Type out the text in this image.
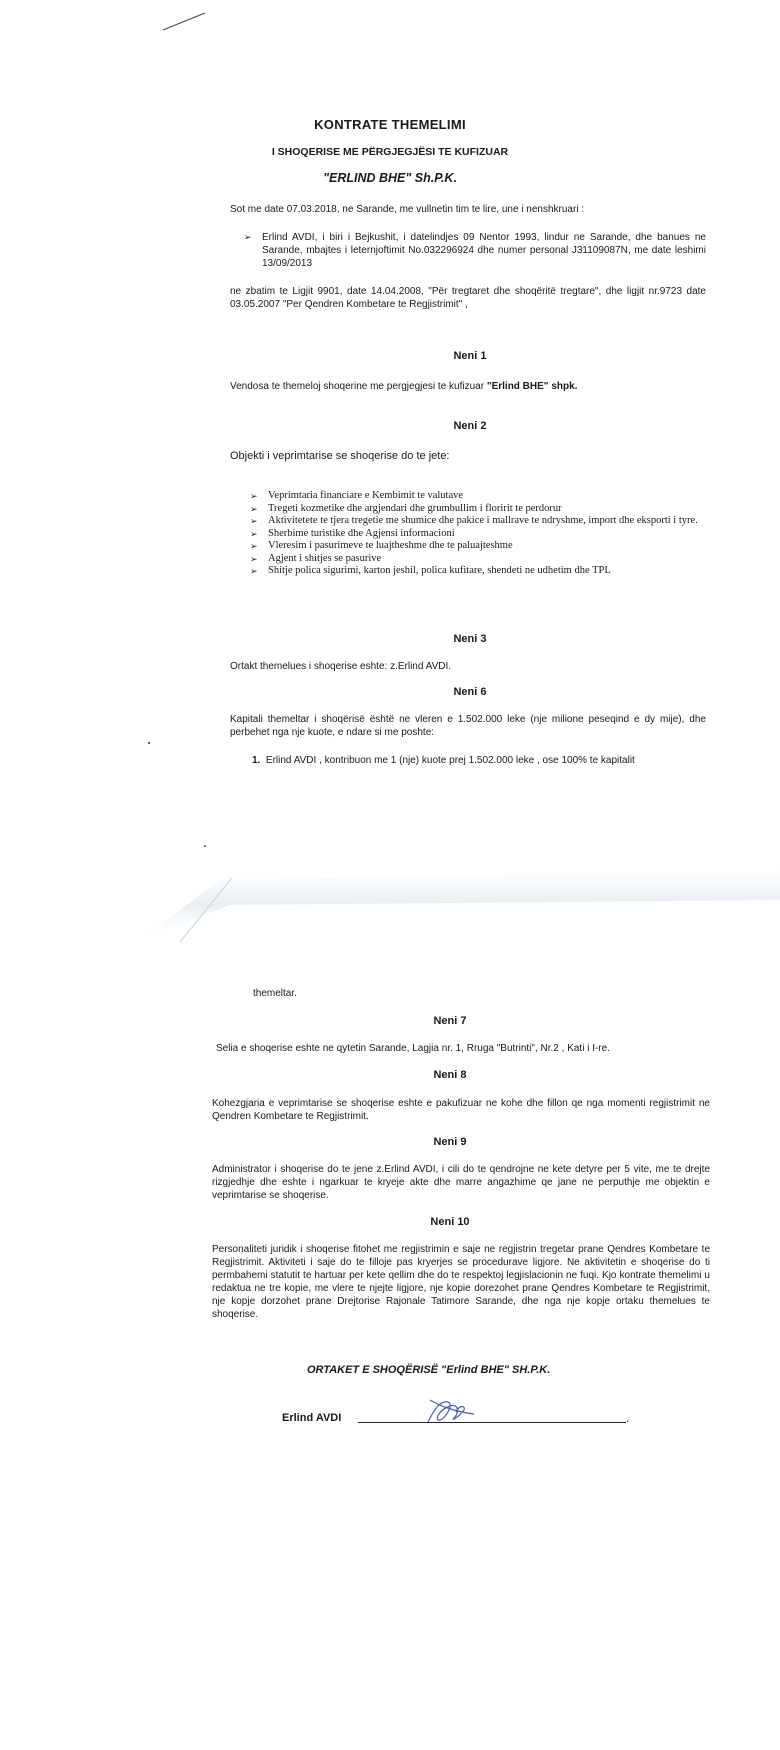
KONTRATE THEMELIMI
I SHOQERISE ME PËRGJEGJËSI TE KUFIZUAR
"ERLIND BHE" Sh.P.K.
Sot me date 07.03.2018, ne Sarande, me vullnetin tim te lire, une i nenshkruari :
➢ Erlind AVDI, i biri i Bejkushit, i datelindjes 09 Nentor 1993, lindur ne Sarande, dhe banues ne Sarande, mbajtes i leternjoftimit No.032296924 dhe numer personal J31109087N, me date leshimi 13/09/2013
ne zbatim te Ligjit 9901, date 14.04.2008, "Për tregtaret dhe shoqëritë tregtare", dhe ligjit nr.9723 date 03.05.2007 "Per Qendren Kombetare te Regjistrimit" ,
Neni 1
Vendosa te themeloj shoqerine me pergjegjesi te kufizuar "Erlind BHE" shpk.
Neni 2
Objekti i veprimtarise se shoqerise do te jete:
➢ Veprimtaria financiare e Kembimit te valutave
➢ Tregeti kozmetike dhe argjendari dhe grumbullim i floririt te perdorur
➢ Aktivitetete te tjera tregetie me shumice dhe pakice i mallrave te ndryshme, import dhe eksporti i tyre.
➢ Sherbime turistike dhe Agjensi informacioni
➢ Vleresim i pasurimeve te luajtheshme dhe te paluajteshme
➢ Agjent i shitjes se pasurive
➢ Shitje polica sigurimi, karton jeshil, polica kufitare, shendeti ne udhetim dhe TPL
Neni 3
Ortakt themelues i shoqerise eshte: z.Erlind AVDI.
Neni 6
Kapitali themeltar i shoqërisë është ne vleren e 1.502.000 leke (nje milione peseqind e dy mije), dhe perbehet nga nje kuote, e ndare si me poshte:
1. Erlind AVDI , kontribuon me 1 (nje) kuote prej 1.502.000 leke , ose 100% te kapitalit
themeltar.
Neni 7
Selia e shoqerise eshte ne qytetin Sarande, Lagjia nr. 1, Rruga "Butrinti", Nr.2 , Kati i I-re.
Neni 8
Kohezgjaria e veprimtarise se shoqerise eshte e pakufizuar ne kohe dhe fillon qe nga momenti regjistrimit ne Qendren Kombetare te Regjistrimit.
Neni 9
Administrator i shoqerise do te jene z.Erlind AVDI, i cili do te qendrojne ne kete detyre per 5 vite, me te drejte rizgjedhje dhe eshte i ngarkuar te kryeje akte dhe marre angazhime qe jane ne perputhje me objektin e veprimtarise se shoqerise.
Neni 10
Personaliteti juridik i shoqerise fitohet me regjistrimin e saje ne regjistrin tregetar prane Qendres Kombetare te Regjistrimit. Aktiviteti i saje do te filloje pas kryerjes se procedurave ligjore. Ne aktivitetin e shoqerise do ti permbahemi statutit te hartuar per kete qellim dhe do te respektoj legjislacionin ne fuqi. Kjo kontrate themelimi u redaktua ne tre kopie, me vlere te njejte ligjore, nje kopie dorezohet prane Qendres Kombetare te Regjistrimit, nje kopje dorzohet prane Drejtorise Rajonale Tatimore Sarande, dhe nga nje kopje ortaku themelues te shoqerise.
ORTAKET E SHOQËRISË "Erlind BHE" SH.P.K.
Erlind AVDI	.
